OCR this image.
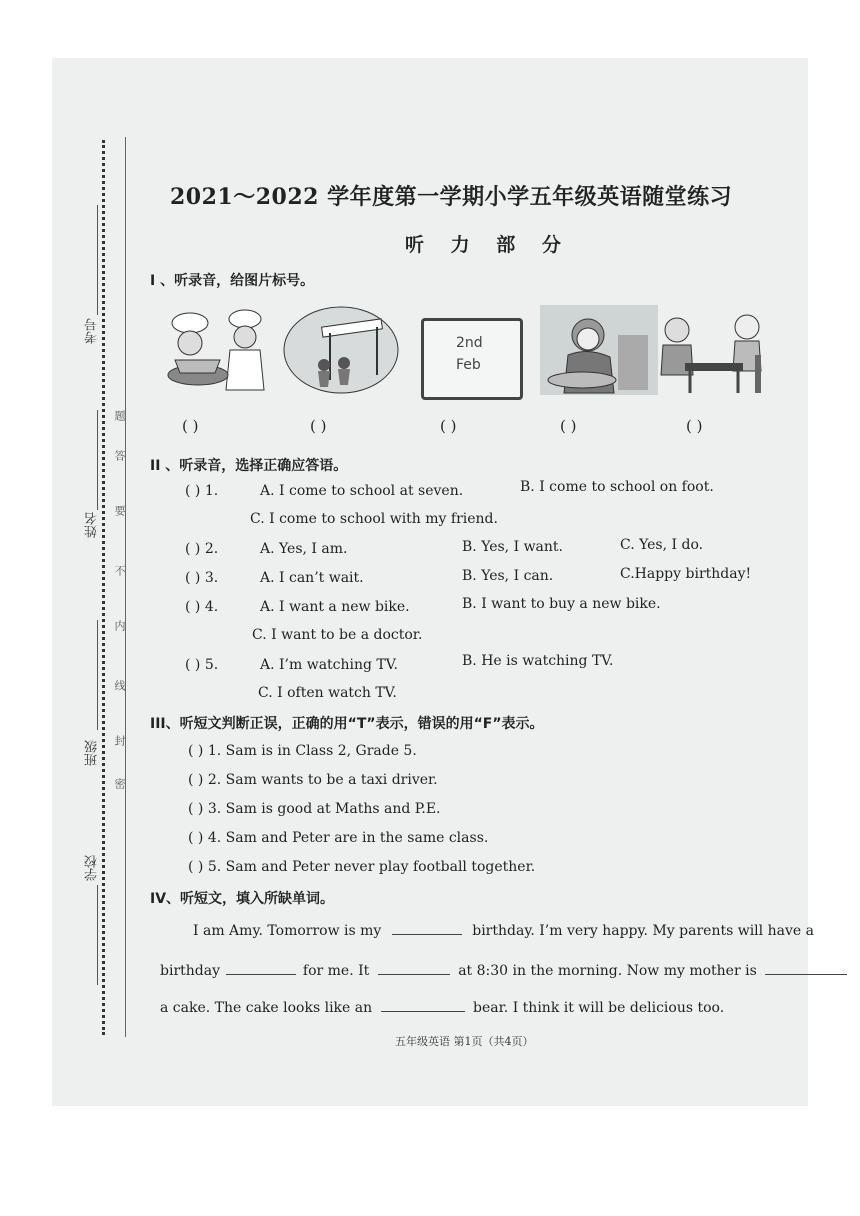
考号
姓名
班级
学校
题
答
要
不
内
线
封
密
2021～2022 学年度第一学期小学五年级英语随堂练习
听 力 部 分
I 、听录音，给图片标号。
2nd
Feb
( )	( )	( )	( )	( )
II 、听录音，选择正确应答语。
( ) 1.	A. I come to school at seven.	B. I come to school on foot.
C. I come to school with my friend.
( ) 2.	A. Yes, I am.	B. Yes, I want.	C. Yes, I do.
( ) 3.	A. I can’t wait.	B. Yes, I can.	C.Happy birthday!
( ) 4.	A. I want a new bike.	B. I want to buy a new bike.
C. I want to be a doctor.
( ) 5.	A. I’m watching TV.	B. He is watching TV.
C. I often watch TV.
III、听短文判断正误，正确的用“T”表示，错误的用“F”表示。
( ) 1. Sam is in Class 2, Grade 5.
( ) 2. Sam wants to be a taxi driver.
( ) 3. Sam is good at Maths and P.E.
( ) 4. Sam and Peter are in the same class.
( ) 5. Sam and Peter never play football together.
IV、听短文，填入所缺单词。
I am Amy. Tomorrow is my	birthday. I’m very happy. My parents will have a
birthday	for me. It	at 8:30 in the morning. Now my mother is
a cake. The cake looks like an	bear. I think it will be delicious too.
五年级英语 第1页（共4页）
